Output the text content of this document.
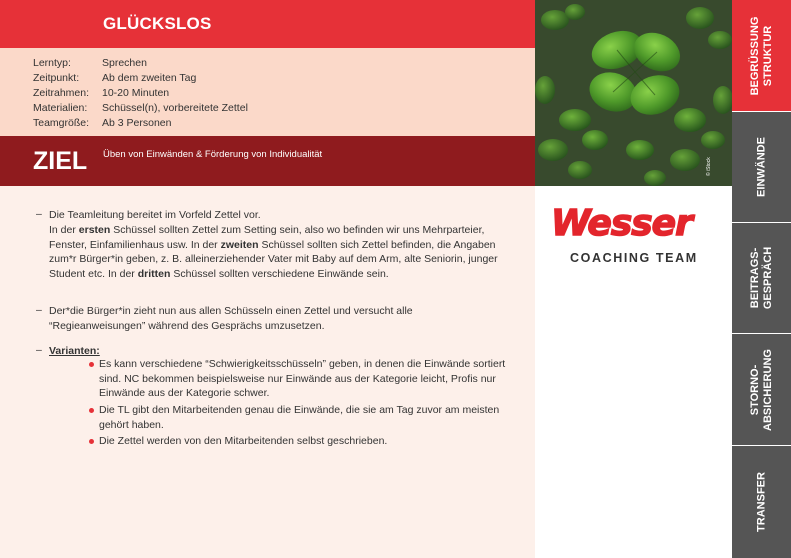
GLÜCKSLOS
Lerntyp:	Sprechen
Zeitpunkt: Ab dem zweiten Tag
Zeitrahmen: 10-20 Minuten
Materialien: Schüssel(n), vorbereitete Zettel
Teamgröße: Ab 3 Personen
ZIEL Üben von Einwänden & Förderung von Individualität
– Die Teamleitung bereitet im Vorfeld Zettel vor.
In der ersten Schüssel sollten Zettel zum Setting sein, also wo befinden wir uns Mehrparteier, Fenster, Einfamilienhaus usw. In der zweiten Schüssel sollten sich Zettel befinden, die Angaben zum*r Bürger*in geben, z. B. alleinerziehender Vater mit Baby auf dem Arm, alte Seniorin, junger Student etc. In der dritten Schüssel sollten verschiedene Einwände sein.
– Der*die Bürger*in zieht nun aus allen Schüsseln einen Zettel und versucht alle “Regieanweisungen” während des Gesprächs umzusetzen.
– Varianten:
Es kann verschiedene “Schwierigkeitsschüsseln” geben, in denen die Einwände sortiert sind. NC bekommen beispielsweise nur Einwände aus der Kategorie leicht, Profis nur Einwände aus der Kategorie schwer.
Die TL gibt den Mitarbeitenden genau die Einwände, die sie am Tag zuvor am meisten gehört haben.
Die Zettel werden von den Mitarbeitenden selbst geschrieben.
© iStock
Wesser
COACHING TEAM
BEGRÜSSUNG STRUKTUR
EINWÄNDE
BEITRAGS- GESPRÄCH
STORNO- ABSICHERUNG
TRANSFER
